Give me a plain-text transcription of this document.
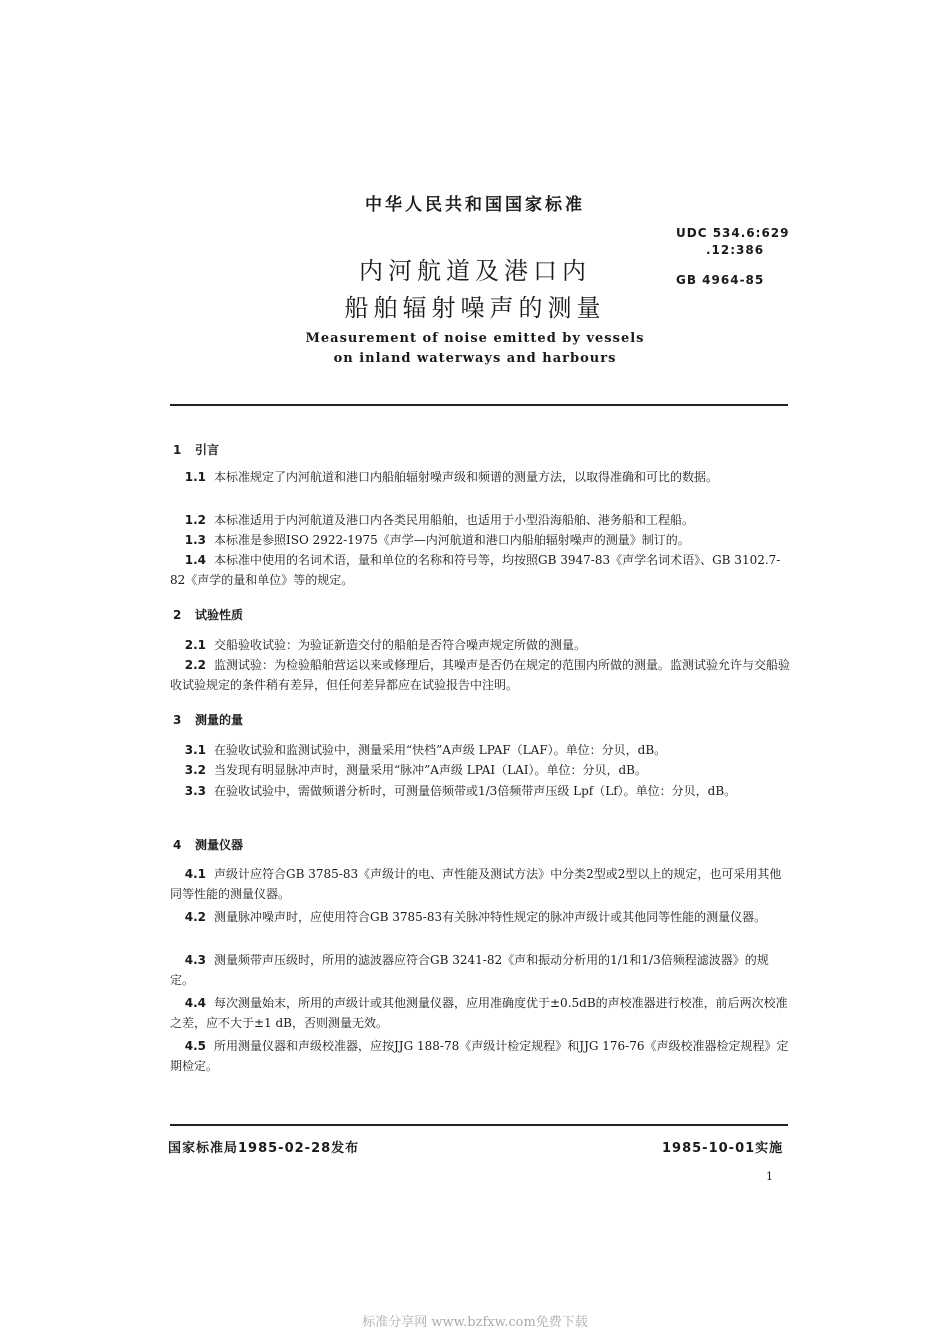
中华人民共和国国家标准
UDC 534.6:629
.12:386
GB 4964-85
内河航道及港口内
船舶辐射噪声的测量
Measurement of noise emitted by vessels
on inland waterways and harbours
1 引言
1.1 本标准规定了内河航道和港口内船舶辐射噪声级和频谱的测量方法，以取得准确和可比的数据。
1.2 本标准适用于内河航道及港口内各类民用船舶，也适用于小型沿海船舶、港务船和工程船。
1.3 本标准是参照ISO 2922-1975《声学—内河航道和港口内船舶辐射噪声的测量》制订的。
1.4 本标准中使用的名词术语，量和单位的名称和符号等，均按照GB 3947-83《声学名词术语》、GB 3102.7-82《声学的量和单位》等的规定。
2 试验性质
2.1 交船验收试验：为验证新造交付的船舶是否符合噪声规定所做的测量。
2.2 监测试验：为检验船舶营运以来或修理后，其噪声是否仍在规定的范围内所做的测量。监测试验允许与交船验收试验规定的条件稍有差异，但任何差异都应在试验报告中注明。
3 测量的量
3.1 在验收试验和监测试验中，测量采用“快档”A声级 LPAF（LAF）。单位：分贝，dB。
3.2 当发现有明显脉冲声时，测量采用“脉冲”A声级 LPAI（LAI）。单位：分贝，dB。
3.3 在验收试验中，需做频谱分析时，可测量倍频带或1/3倍频带声压级 Lpf（Lf）。单位：分贝，dB。
4 测量仪器
4.1 声级计应符合GB 3785-83《声级计的电、声性能及测试方法》中分类2型或2型以上的规定，也可采用其他同等性能的测量仪器。
4.2 测量脉冲噪声时，应使用符合GB 3785-83有关脉冲特性规定的脉冲声级计或其他同等性能的测量仪器。
4.3 测量频带声压级时，所用的滤波器应符合GB 3241-82《声和振动分析用的1/1和1/3倍频程滤波器》的规定。
4.4 每次测量始末，所用的声级计或其他测量仪器，应用准确度优于±0.5dB的声校准器进行校准，前后两次校准之差，应不大于±1 dB，否则测量无效。
4.5 所用测量仪器和声级校准器，应按JJG 188-78《声级计检定规程》和JJG 176-76《声级校准器检定规程》定期检定。
国家标准局1985-02-28发布	1985-10-01实施
1
标准分享网 www.bzfxw.com免费下载
